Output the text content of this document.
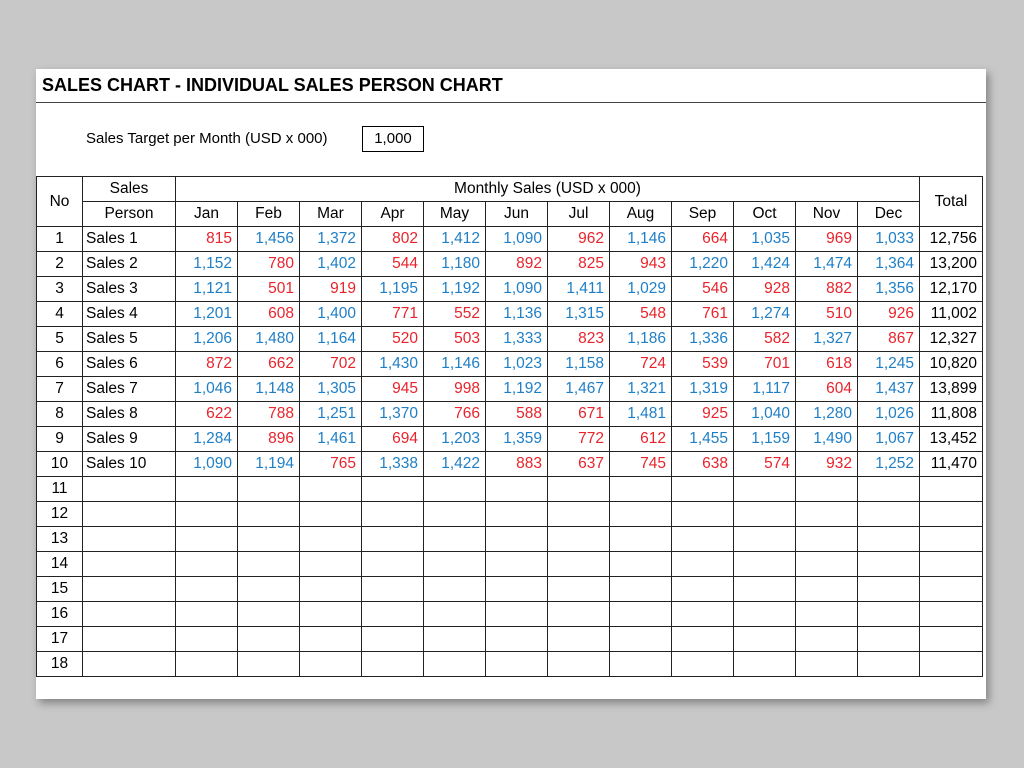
SALES CHART - INDIVIDUAL SALES PERSON CHART
Sales Target per Month (USD x 000)	1,000
No	Sales	Monthly Sales (USD x 000)												Total
	Person	Jan	Feb	Mar	Apr	May	Jun	Jul	Aug	Sep	Oct	Nov	Dec	
1	Sales 1	815	1,456	1,372	802	1,412	1,090	962	1,146	664	1,035	969	1,033	12,756
2	Sales 2	1,152	780	1,402	544	1,180	892	825	943	1,220	1,424	1,474	1,364	13,200
3	Sales 3	1,121	501	919	1,195	1,192	1,090	1,411	1,029	546	928	882	1,356	12,170
4	Sales 4	1,201	608	1,400	771	552	1,136	1,315	548	761	1,274	510	926	11,002
5	Sales 5	1,206	1,480	1,164	520	503	1,333	823	1,186	1,336	582	1,327	867	12,327
6	Sales 6	872	662	702	1,430	1,146	1,023	1,158	724	539	701	618	1,245	10,820
7	Sales 7	1,046	1,148	1,305	945	998	1,192	1,467	1,321	1,319	1,117	604	1,437	13,899
8	Sales 8	622	788	1,251	1,370	766	588	671	1,481	925	1,040	1,280	1,026	11,808
9	Sales 9	1,284	896	1,461	694	1,203	1,359	772	612	1,455	1,159	1,490	1,067	13,452
10	Sales 10	1,090	1,194	765	1,338	1,422	883	637	745	638	574	932	1,252	11,470
11														
12														
13														
14														
15														
16														
17														
18														
